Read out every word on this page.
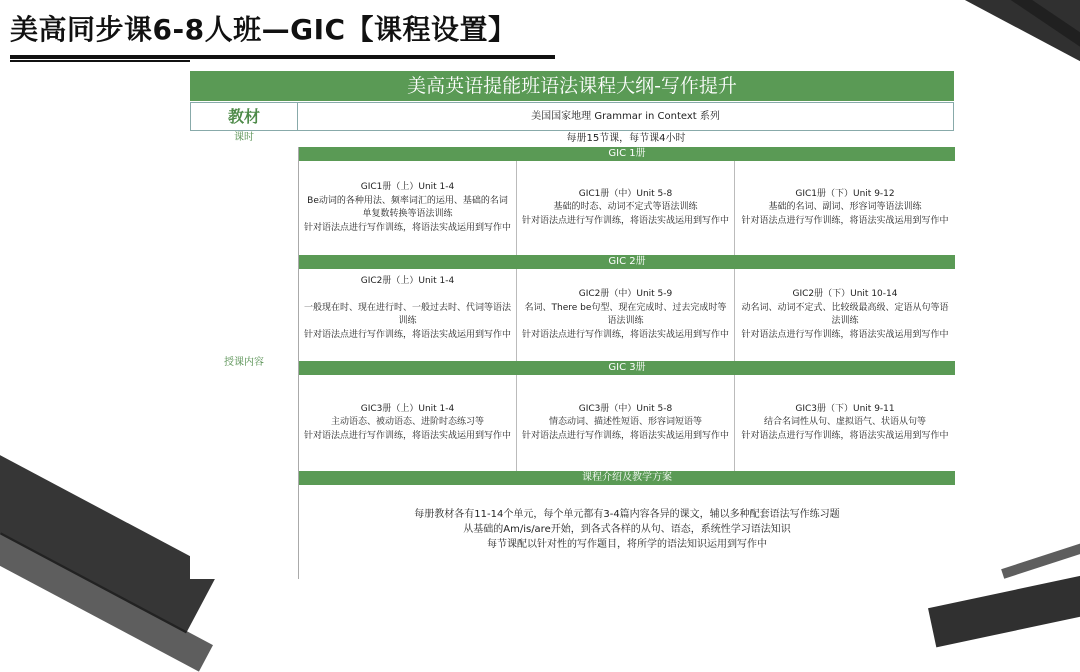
美高同步课6-8人班—GIC【课程设置】
美高英语提能班语法课程大纲-写作提升
教材	美国国家地理 Grammar in Context 系列
课时	每册15节课，每节课4小时
授课内容
GIC 1册
GIC1册（上）Unit 1-4
Be动词的各种用法、频率词汇的运用、基础的名词单复数转换等语法训练
针对语法点进行写作训练，将语法实战运用到写作中
GIC1册（中）Unit 5-8
基础的时态、动词不定式等语法训练
针对语法点进行写作训练，将语法实战运用到写作中
GIC1册（下）Unit 9-12
基础的名词、副词、形容词等语法训练
针对语法点进行写作训练，将语法实战运用到写作中
GIC 2册
GIC2册（上）Unit 1-4
一般现在时、现在进行时、一般过去时、代词等语法训练
针对语法点进行写作训练，将语法实战运用到写作中
GIC2册（中）Unit 5-9
名词、There be句型、现在完成时、过去完成时等语法训练
针对语法点进行写作训练，将语法实战运用到写作中
GIC2册（下）Unit 10-14
动名词、动词不定式、比较级最高级、定语从句等语法训练
针对语法点进行写作训练，将语法实战运用到写作中
GIC 3册
GIC3册（上）Unit 1-4
主动语态、被动语态、进阶时态练习等
针对语法点进行写作训练，将语法实战运用到写作中
GIC3册（中）Unit 5-8
情态动词、描述性短语、形容词短语等
针对语法点进行写作训练，将语法实战运用到写作中
GIC3册（下）Unit 9-11
结合名词性从句、虚拟语气、状语从句等
针对语法点进行写作训练，将语法实战运用到写作中
课程介绍及教学方案
每册教材各有11-14个单元，每个单元都有3-4篇内容各异的课文，辅以多种配套语法写作练习题
从基础的Am/is/are开始，到各式各样的从句、语态，系统性学习语法知识
每节课配以针对性的写作题目，将所学的语法知识运用到写作中
